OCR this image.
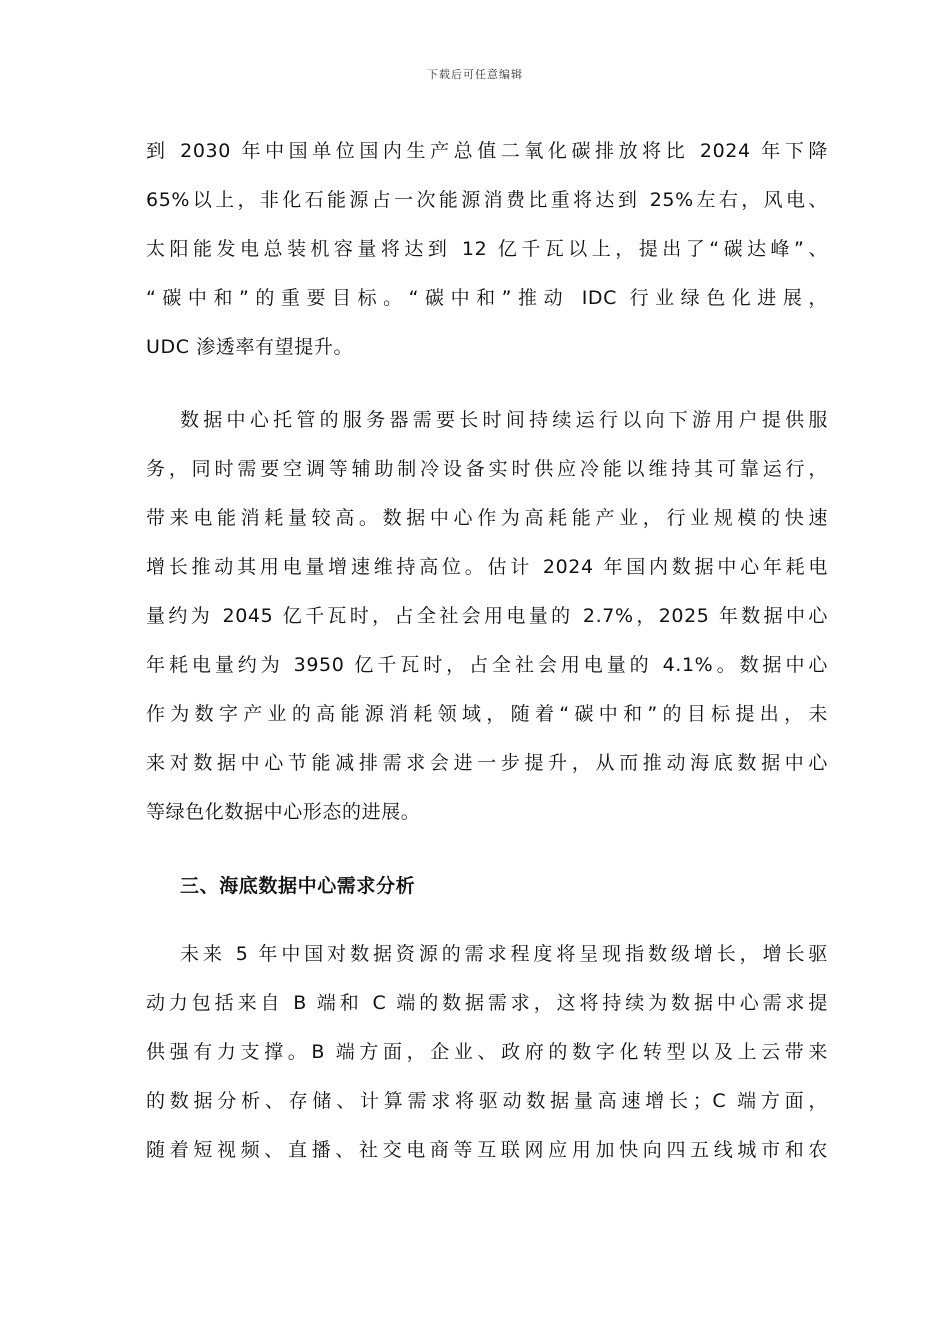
下载后可任意编辑
到 2030 年中国单位国内生产总值二氧化碳排放将比 2024 年下降
65%以上，非化石能源占一次能源消费比重将达到 25%左右，风电、
太阳能发电总装机容量将达到 12 亿千瓦以上，提出了“碳达峰”、
“碳中和”的重要目标。“碳中和”推动 IDC 行业绿色化进展，
UDC 渗透率有望提升。
数据中心托管的服务器需要长时间持续运行以向下游用户提供服
务，同时需要空调等辅助制冷设备实时供应冷能以维持其可靠运行，
带来电能消耗量较高。数据中心作为高耗能产业，行业规模的快速
增长推动其用电量增速维持高位。估计 2024 年国内数据中心年耗电
量约为 2045 亿千瓦时，占全社会用电量的 2.7%，2025 年数据中心
年耗电量约为 3950 亿千瓦时，占全社会用电量的 4.1%。数据中心
作为数字产业的高能源消耗领域，随着“碳中和”的目标提出，未
来对数据中心节能减排需求会进一步提升，从而推动海底数据中心
等绿色化数据中心形态的进展。
三、海底数据中心需求分析
未来 5 年中国对数据资源的需求程度将呈现指数级增长，增长驱
动力包括来自 B 端和 C 端的数据需求，这将持续为数据中心需求提
供强有力支撑。B 端方面，企业、政府的数字化转型以及上云带来
的数据分析、存储、计算需求将驱动数据量高速增长；C 端方面，
随着短视频、直播、社交电商等互联网应用加快向四五线城市和农
